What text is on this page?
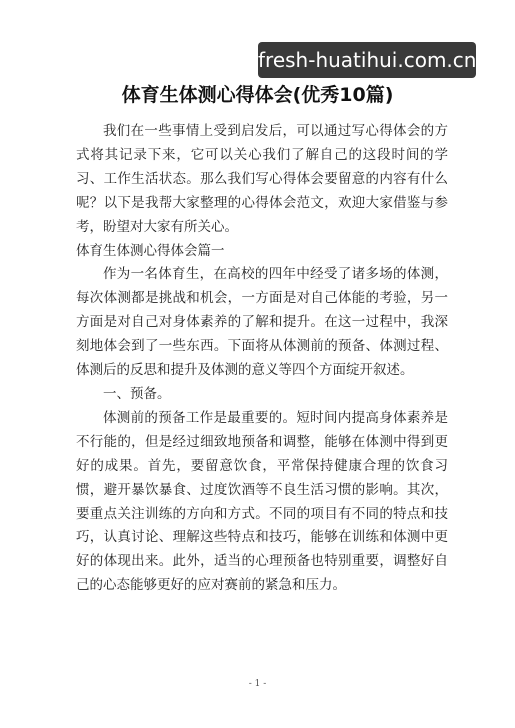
fresh-huatihui.com.cn
体育生体测心得体会(优秀10篇)

我们在一些事情上受到启发后，可以通过写心得体会的方式将其记录下来，它可以关心我们了解自己的这段时间的学习、工作生活状态。那么我们写心得体会要留意的内容有什么呢？以下是我帮大家整理的心得体会范文，欢迎大家借鉴与参考，盼望对大家有所关心。

体育生体测心得体会篇一

作为一名体育生，在高校的四年中经受了诸多场的体测，每次体测都是挑战和机会，一方面是对自己体能的考验，另一方面是对自己对身体素养的了解和提升。在这一过程中，我深刻地体会到了一些东西。下面将从体测前的预备、体测过程、体测后的反思和提升及体测的意义等四个方面绽开叙述。

一、预备。

体测前的预备工作是最重要的。短时间内提高身体素养是不行能的，但是经过细致地预备和调整，能够在体测中得到更好的成果。首先，要留意饮食，平常保持健康合理的饮食习惯，避开暴饮暴食、过度饮酒等不良生活习惯的影响。其次，要重点关注训练的方向和方式。不同的项目有不同的特点和技巧，认真讨论、理解这些特点和技巧，能够在训练和体测中更好的体现出来。此外，适当的心理预备也特别重要，调整好自己的心态能够更好的应对赛前的紧急和压力。

- 1 -
